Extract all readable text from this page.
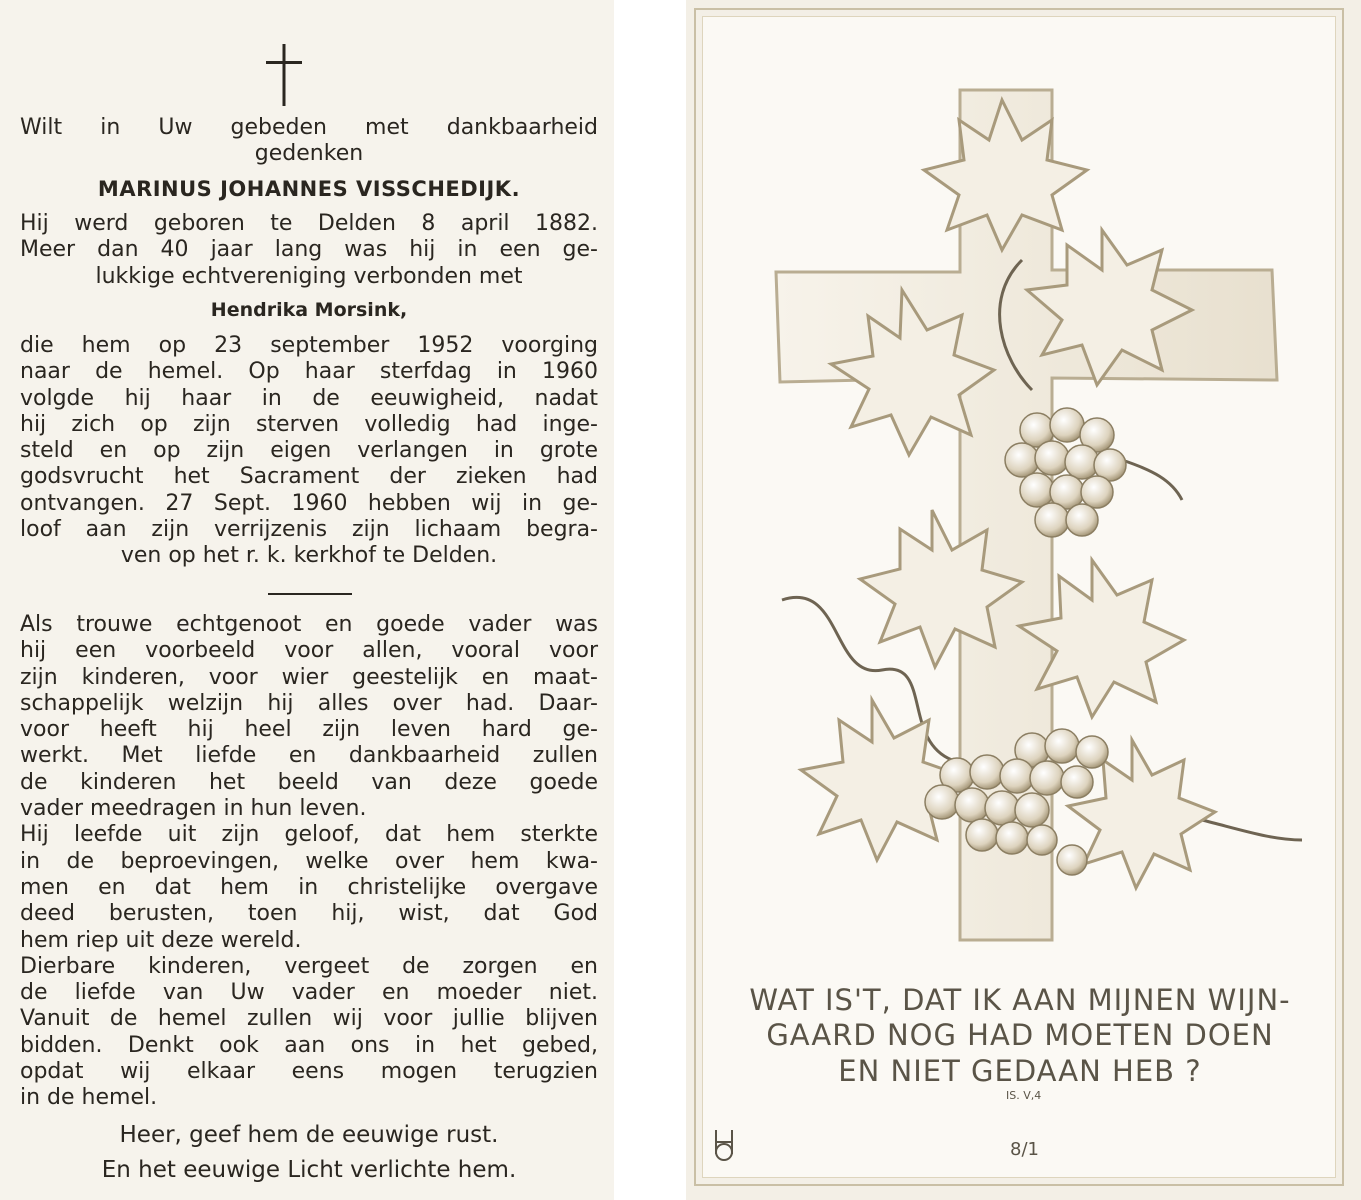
Wilt in Uw gebeden met dankbaarheid
gedenken
MARINUS JOHANNES VISSCHEDIJK.
Hij werd geboren te Delden 8 april 1882.
Meer dan 40 jaar lang was hij in een ge-
lukkige echtvereniging verbonden met
Hendrika Morsink,
die hem op 23 september 1952 voorging
naar de hemel. Op haar sterfdag in 1960
volgde hij haar in de eeuwigheid, nadat
hij zich op zijn sterven volledig had inge-
steld en op zijn eigen verlangen in grote
godsvrucht het Sacrament der zieken had
ontvangen. 27 Sept. 1960 hebben wij in ge-
loof aan zijn verrijzenis zijn lichaam begra-
ven op het r. k. kerkhof te Delden.
Als trouwe echtgenoot en goede vader was
hij een voorbeeld voor allen, vooral voor
zijn kinderen, voor wier geestelijk en maat-
schappelijk welzijn hij alles over had. Daar-
voor heeft hij heel zijn leven hard ge-
werkt. Met liefde en dankbaarheid zullen
de kinderen het beeld van deze goede
vader meedragen in hun leven.
Hij leefde uit zijn geloof, dat hem sterkte
in de beproevingen, welke over hem kwa-
men en dat hem in christelijke overgave
deed berusten, toen hij, wist, dat God
hem riep uit deze wereld.
Dierbare kinderen, vergeet de zorgen en
de liefde van Uw vader en moeder niet.
Vanuit de hemel zullen wij voor jullie blijven
bidden. Denkt ook aan ons in het gebed,
opdat wij elkaar eens mogen terugzien
in de hemel.
Heer, geef hem de eeuwige rust.
En het eeuwige Licht verlichte hem.
WAT IS'T, DAT IK AAN MIJNEN WIJN-
GAARD NOG HAD MOETEN DOEN
EN NIET GEDAAN HEB ?
IS. V,4
8/1
